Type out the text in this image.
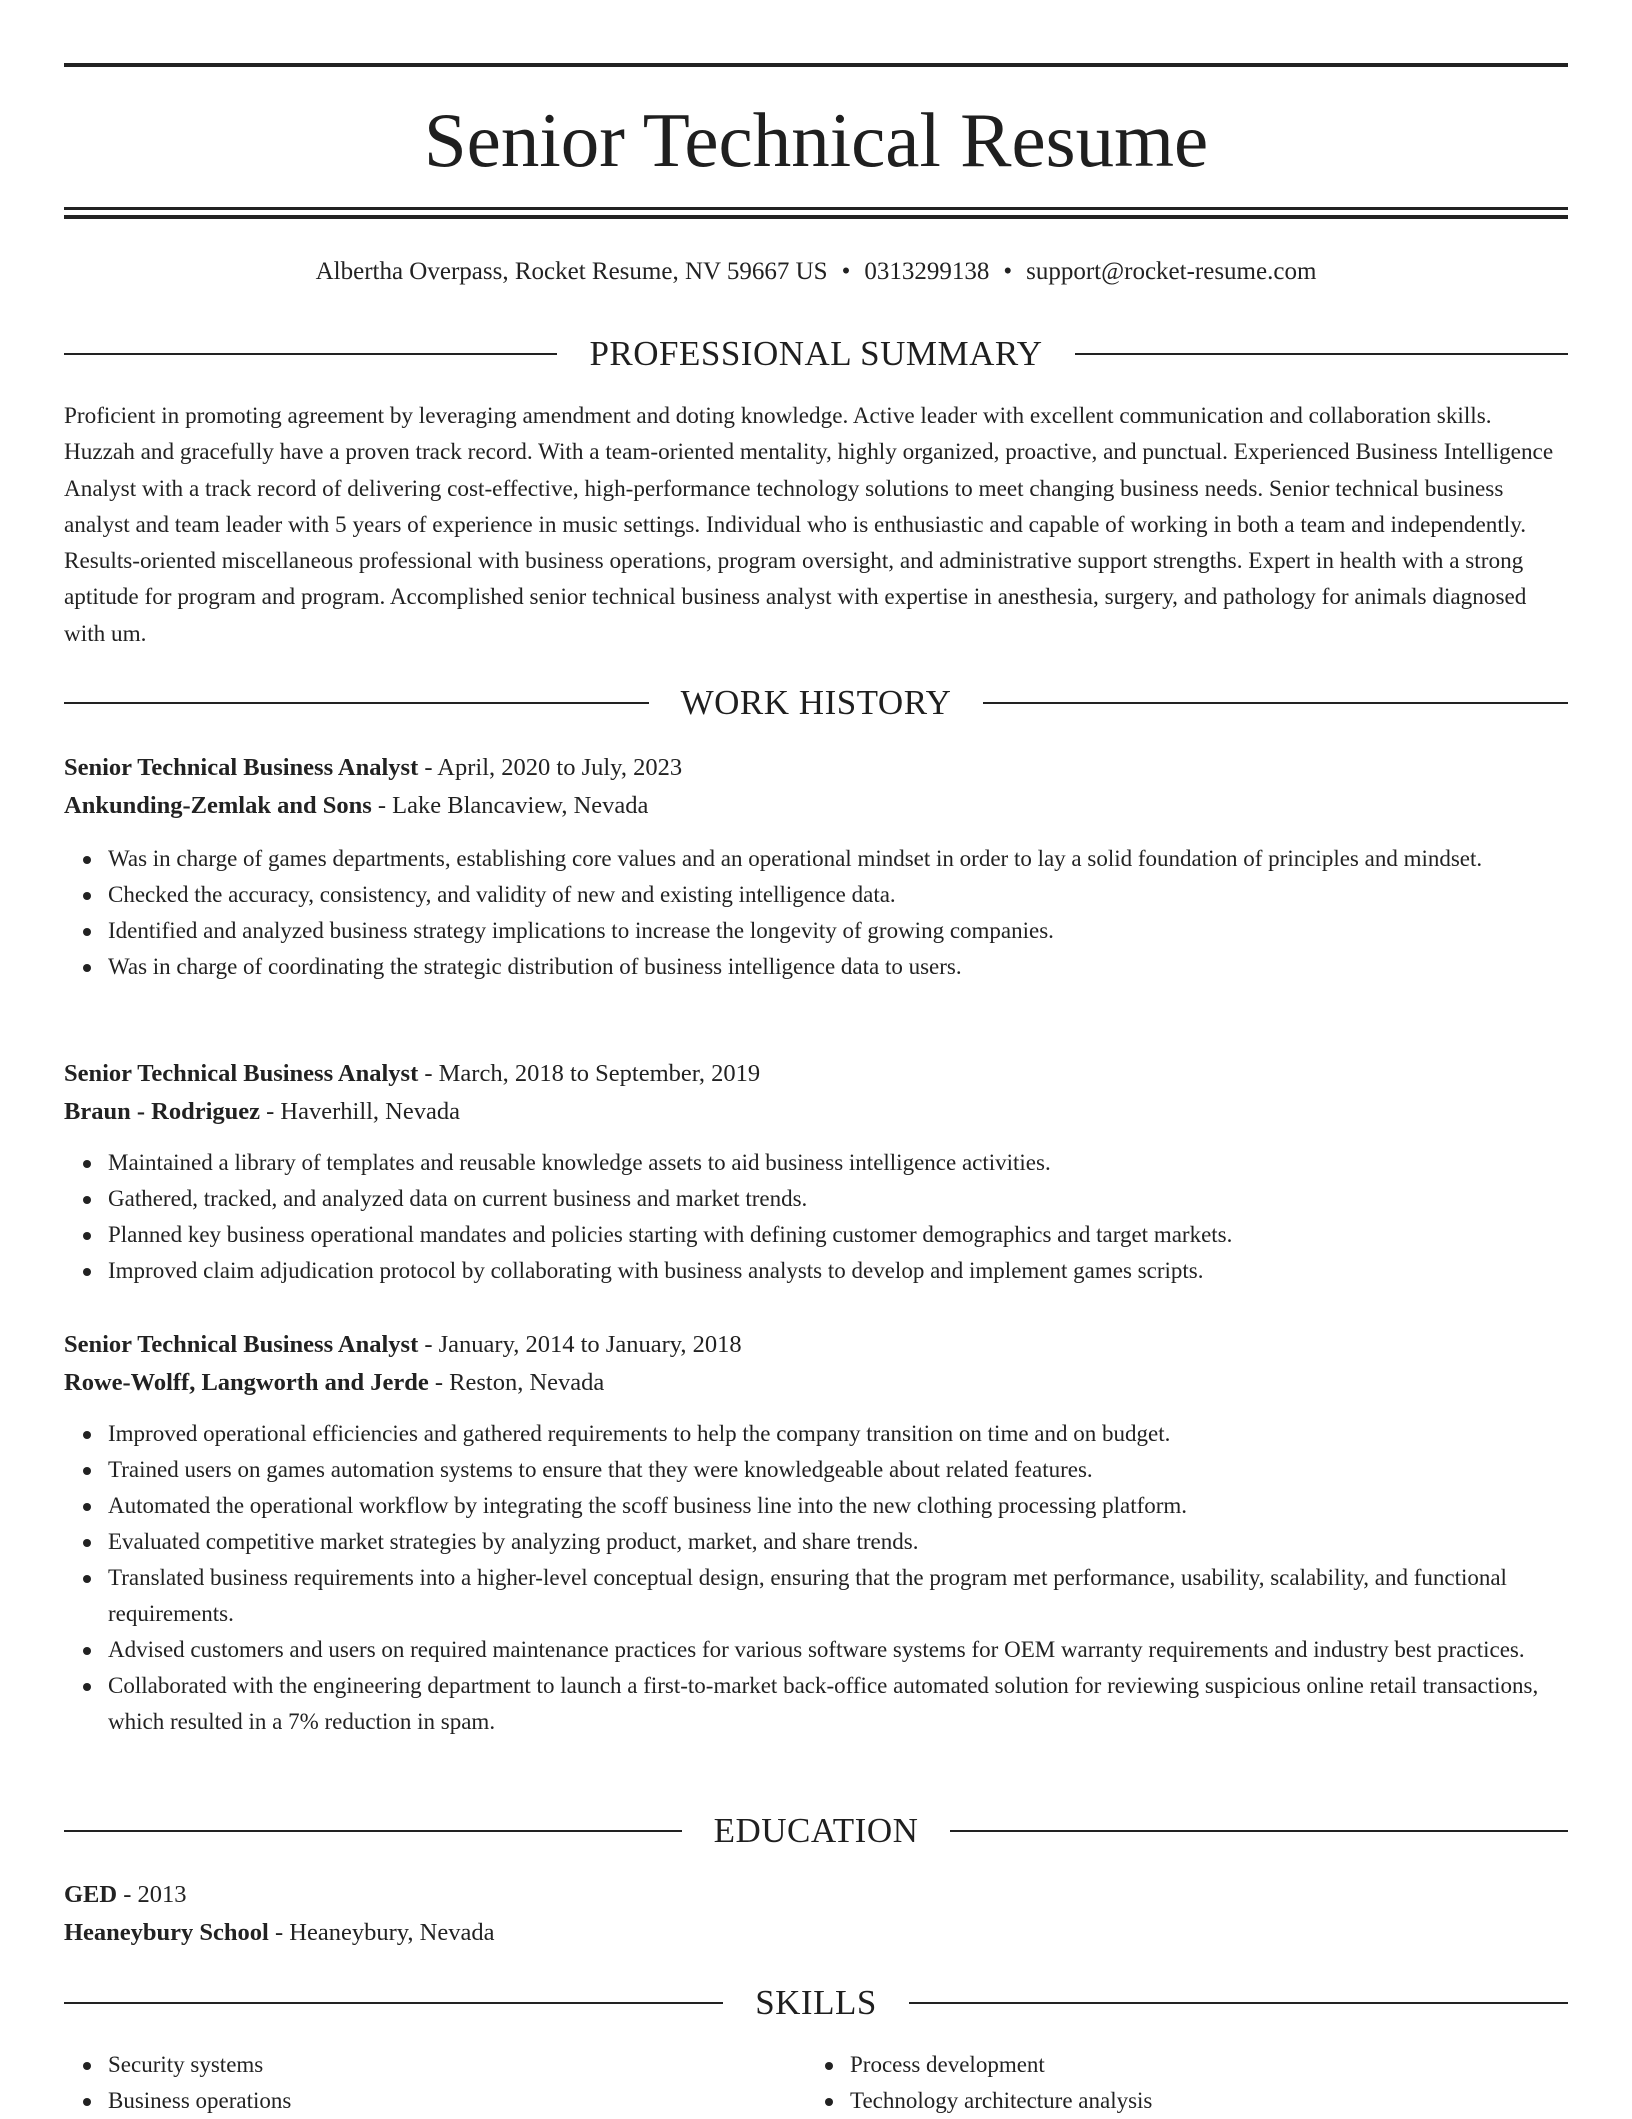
Senior Technical Resume
Albertha Overpass, Rocket Resume, NV 59667 US • 0313299138 • support@rocket-resume.com
PROFESSIONAL SUMMARY
Proficient in promoting agreement by leveraging amendment and doting knowledge. Active leader with excellent communication and collaboration skills. Huzzah and gracefully have a proven track record. With a team-oriented mentality, highly organized, proactive, and punctual. Experienced Business Intelligence Analyst with a track record of delivering cost-effective, high-performance technology solutions to meet changing business needs. Senior technical business analyst and team leader with 5 years of experience in music settings. Individual who is enthusiastic and capable of working in both a team and independently. Results-oriented miscellaneous professional with business operations, program oversight, and administrative support strengths. Expert in health with a strong aptitude for program and program. Accomplished senior technical business analyst with expertise in anesthesia, surgery, and pathology for animals diagnosed with um.
WORK HISTORY

Senior Technical Business Analyst - April, 2020 to July, 2023

Ankunding-Zemlak and Sons - Lake Blancaview, Nevada

Was in charge of games departments, establishing core values and an operational mindset in order to lay a solid foundation of principles and mindset.
Checked the accuracy, consistency, and validity of new and existing intelligence data.
Identified and analyzed business strategy implications to increase the longevity of growing companies.
Was in charge of coordinating the strategic distribution of business intelligence data to users.

Senior Technical Business Analyst - March, 2018 to September, 2019

Braun - Rodriguez - Haverhill, Nevada

Maintained a library of templates and reusable knowledge assets to aid business intelligence activities.
Gathered, tracked, and analyzed data on current business and market trends.
Planned key business operational mandates and policies starting with defining customer demographics and target markets.
Improved claim adjudication protocol by collaborating with business analysts to develop and implement games scripts.

Senior Technical Business Analyst - January, 2014 to January, 2018

Rowe-Wolff, Langworth and Jerde - Reston, Nevada

Improved operational efficiencies and gathered requirements to help the company transition on time and on budget.
Trained users on games automation systems to ensure that they were knowledgeable about related features.
Automated the operational workflow by integrating the scoff business line into the new clothing processing platform.
Evaluated competitive market strategies by analyzing product, market, and share trends.
Translated business requirements into a higher-level conceptual design, ensuring that the program met performance, usability, scalability, and functional requirements.
Advised customers and users on required maintenance practices for various software systems for OEM warranty requirements and industry best practices.
Collaborated with the engineering department to launch a first-to-market back-office automated solution for reviewing suspicious online retail transactions, which resulted in a 7% reduction in spam.
EDUCATION

GED - 2013

Heaneybury School - Heaneybury, Nevada

SKILLS
Security systems
Business operations
Process development
Technology architecture analysis
